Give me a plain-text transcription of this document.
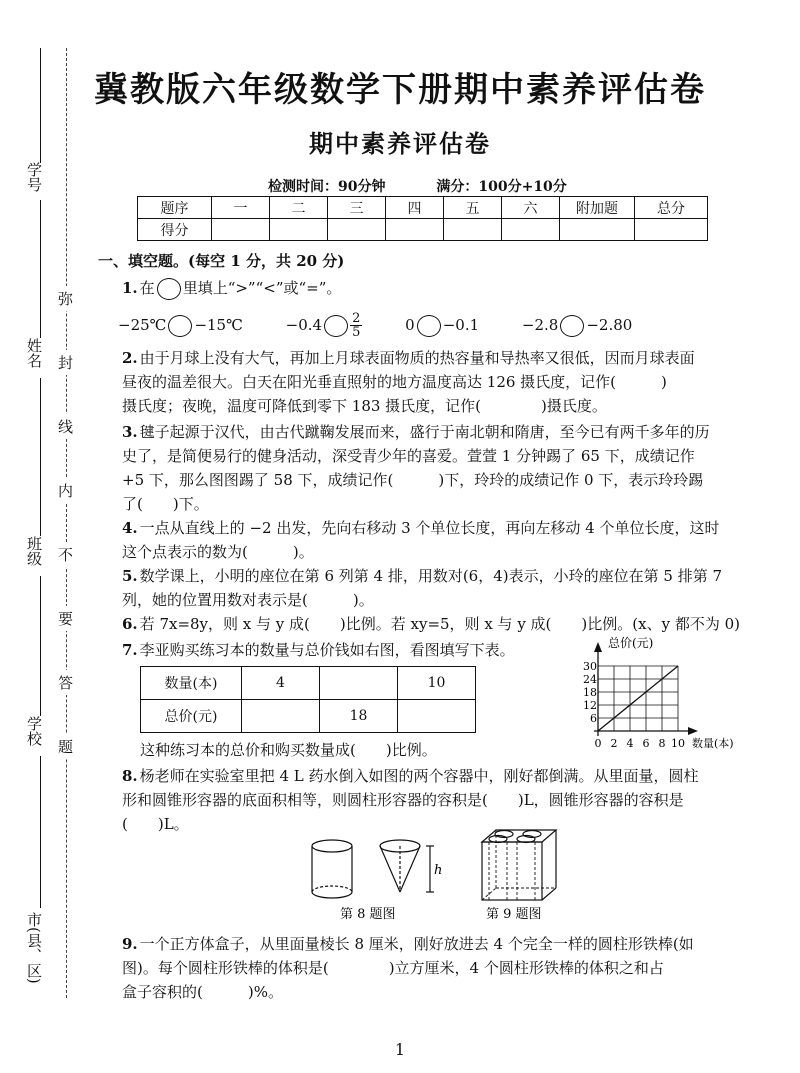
冀教版六年级数学下册期中素养评估卷
期中素养评估卷
检测时间：90分钟	满分：100分+10分
题序	一	二	三	四	五	六	附加题	总分
得分								
学号
姓名
班级
学校
市(县、区)
弥
封
线
内
不
要
答
题
一、填空题。(每空 1 分，共 20 分)
1. 在 里填上“>”“<”或“=”。
−25℃ −15℃	$-0.4 \frac{2}{5}$	0 −0.1	−2.8 −2.80
2. 由于月球上没有大气，再加上月球表面物质的热容量和导热率又很低，因而月球表面
昼夜的温差很大。白天在阳光垂直照射的地方温度高达 126 摄氏度，记作(　　　)
摄氏度；夜晚，温度可降低到零下 183 摄氏度，记作(　　　　)摄氏度。
3. 毽子起源于汉代，由古代蹴鞠发展而来，盛行于南北朝和隋唐，至今已有两千多年的历
史了，是简便易行的健身活动，深受青少年的喜爱。萱萱 1 分钟踢了 65 下，成绩记作
+5 下，那么图图踢了 58 下，成绩记作(　　　)下，玲玲的成绩记作 0 下，表示玲玲踢
了(　　)下。
4. 一点从直线上的 −2 出发，先向右移动 3 个单位长度，再向左移动 4 个单位长度，这时
这个点表示的数为(　　　)。
5. 数学课上，小明的座位在第 6 列第 4 排，用数对(6，4)表示，小玲的座位在第 5 排第 7
列，她的位置用数对表示是(　　　)。
6. 若 7x=8y，则 x 与 y 成(　　)比例。若 xy=5，则 x 与 y 成(　　)比例。(x、y 都不为 0)
7. 李亚购买练习本的数量与总价钱如右图，看图填写下表。
数量(本)	4		10
总价(元)		18	
这种练习本的总价和购买数量成(　　)比例。
总价(元)
30
24
18
12
6
0 2 4 6 8 10 数量(本)
8. 杨老师在实验室里把 4 L 药水倒入如图的两个容器中，刚好都倒满。从里面量，圆柱
形和圆锥形容器的底面积相等，则圆柱形容器的容积是(　　)L，圆锥形容器的容积是
(　　)L。
h
第 8 题图	第 9 题图
9. 一个正方体盒子，从里面量棱长 8 厘米，刚好放进去 4 个完全一样的圆柱形铁棒(如
图)。每个圆柱形铁棒的体积是(　　　　)立方厘米，4 个圆柱形铁棒的体积之和占
盒子容积的(　　　)%。
1
